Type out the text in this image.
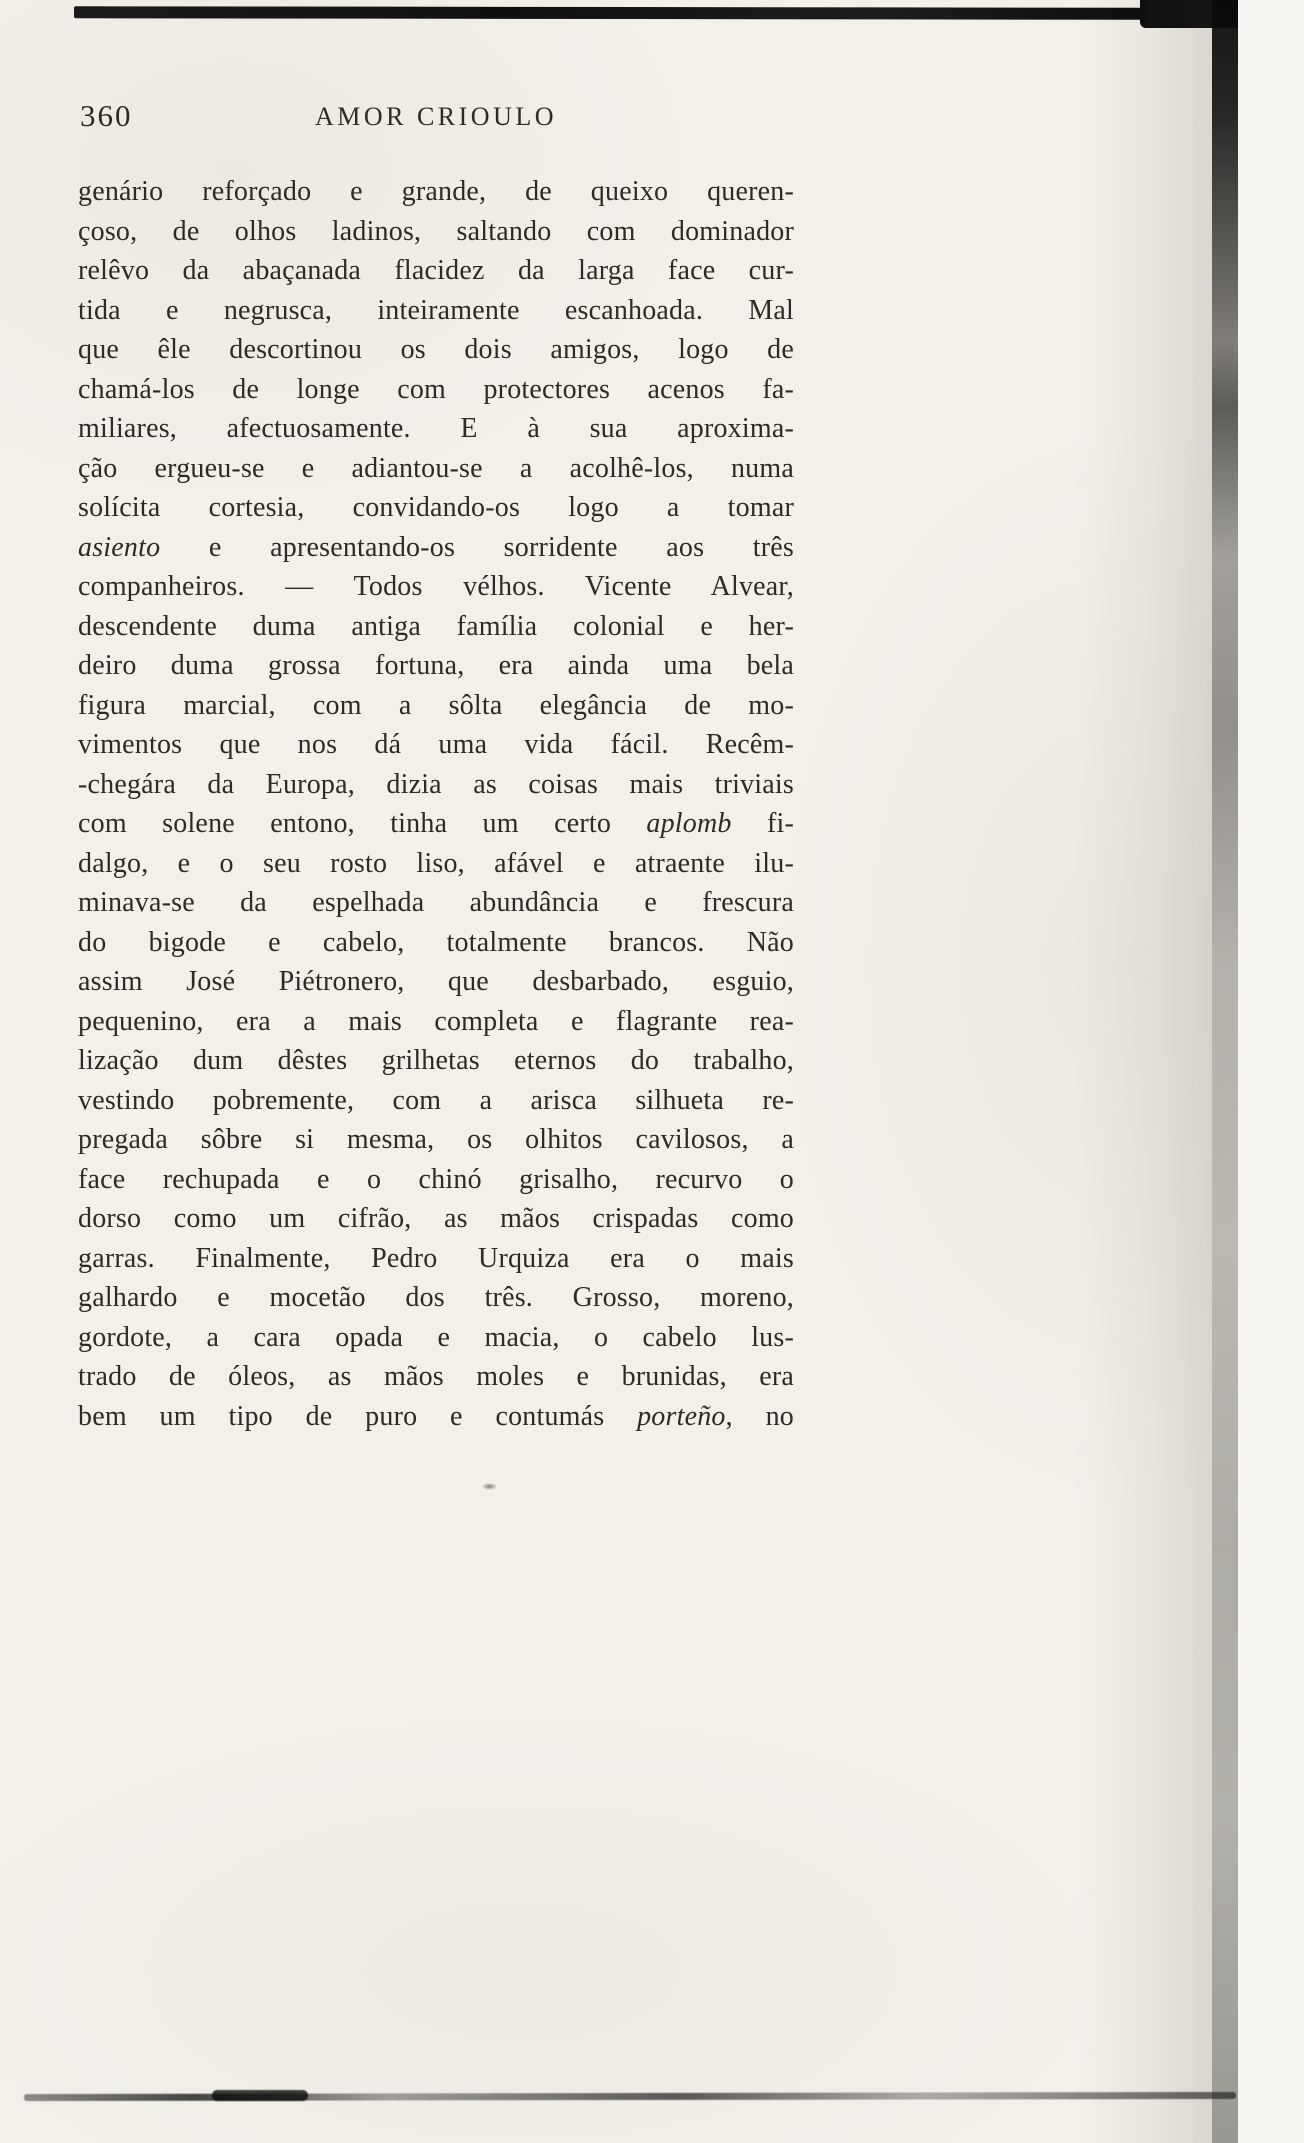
360	AMOR CRIOULO
genário reforçado e grande, de queixo queren-
çoso, de olhos ladinos, saltando com dominador
relêvo da abaçanada flacidez da larga face cur-
tida e negrusca, inteiramente escanhoada. Mal
que êle descortinou os dois amigos, logo de
chamá-los de longe com protectores acenos fa-
miliares, afectuosamente. E à sua aproxima-
ção ergueu-se e adiantou-se a acolhê-los, numa
solícita cortesia, convidando-os logo a tomar
asiento e apresentando-os sorridente aos três
companheiros. — Todos vélhos. Vicente Alvear,
descendente duma antiga família colonial e her-
deiro duma grossa fortuna, era ainda uma bela
figura marcial, com a sôlta elegância de mo-
vimentos que nos dá uma vida fácil. Recêm-
-chegára da Europa, dizia as coisas mais triviais
com solene entono, tinha um certo aplomb fi-
dalgo, e o seu rosto liso, afável e atraente ilu-
minava-se da espelhada abundância e frescura
do bigode e cabelo, totalmente brancos. Não
assim José Piétronero, que desbarbado, esguio,
pequenino, era a mais completa e flagrante rea-
lização dum dêstes grilhetas eternos do trabalho,
vestindo pobremente, com a arisca silhueta re-
pregada sôbre si mesma, os olhitos cavilosos, a
face rechupada e o chinó grisalho, recurvo o
dorso como um cifrão, as mãos crispadas como
garras. Finalmente, Pedro Urquiza era o mais
galhardo e mocetão dos três. Grosso, moreno,
gordote, a cara opada e macia, o cabelo lus-
trado de óleos, as mãos moles e brunidas, era
bem um tipo de puro e contumás porteño, no
